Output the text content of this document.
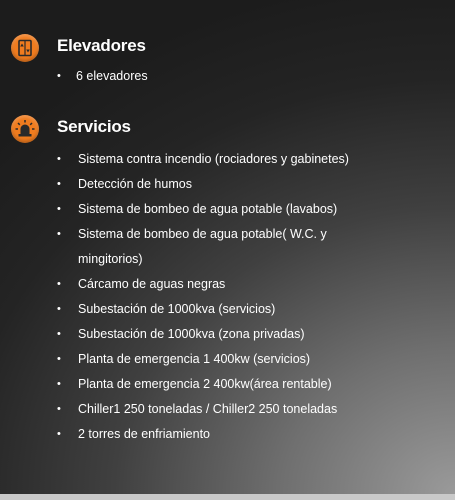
Elevadores
• 6 elevadores
Servicios
• Sistema contra incendio (rociadores y gabinetes)
• Detección de humos
• Sistema de bombeo de agua potable (lavabos)
• Sistema de bombeo de agua potable( W.C. y
mingitorios)
• Cárcamo de aguas negras
• Subestación de 1000kva (servicios)
• Subestación de 1000kva (zona privadas)
• Planta de emergencia 1 400kw (servicios)
• Planta de emergencia 2 400kw(área rentable)
• Chiller1 250 toneladas / Chiller2 250 toneladas
• 2 torres de enfriamiento
